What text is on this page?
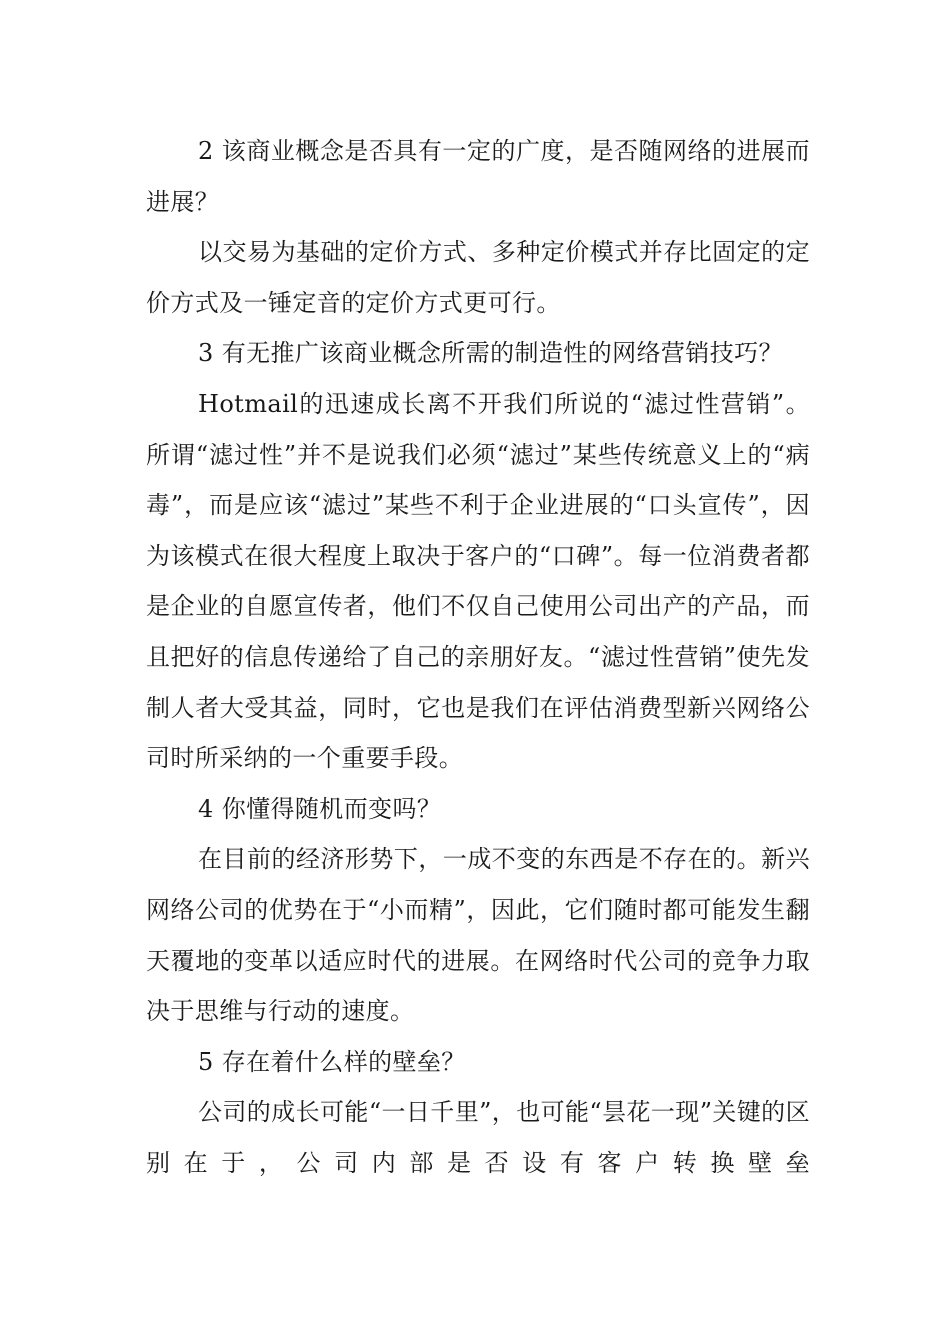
2 该商业概念是否具有一定的广度，是否随网络的进展而进展？

以交易为基础的定价方式、多种定价模式并存比固定的定价方式及一锤定音的定价方式更可行。

3 有无推广该商业概念所需的制造性的网络营销技巧？

Hotmail的迅速成长离不开我们所说的“滤过性营销”。所谓“滤过性”并不是说我们必须“滤过”某些传统意义上的“病毒”，而是应该“滤过”某些不利于企业进展的“口头宣传”，因为该模式在很大程度上取决于客户的“口碑”。每一位消费者都是企业的自愿宣传者，他们不仅自己使用公司出产的产品，而且把好的信息传递给了自己的亲朋好友。“滤过性营销”使先发制人者大受其益，同时，它也是我们在评估消费型新兴网络公司时所采纳的一个重要手段。

4 你懂得随机而变吗？

在目前的经济形势下，一成不变的东西是不存在的。新兴网络公司的优势在于“小而精”，因此，它们随时都可能发生翻天覆地的变革以适应时代的进展。在网络时代公司的竞争力取决于思维与行动的速度。

5 存在着什么样的壁垒？

公司的成长可能“一日千里”，也可能“昙花一现”关键的区别在于，公司内部是否设有客户转换壁垒
